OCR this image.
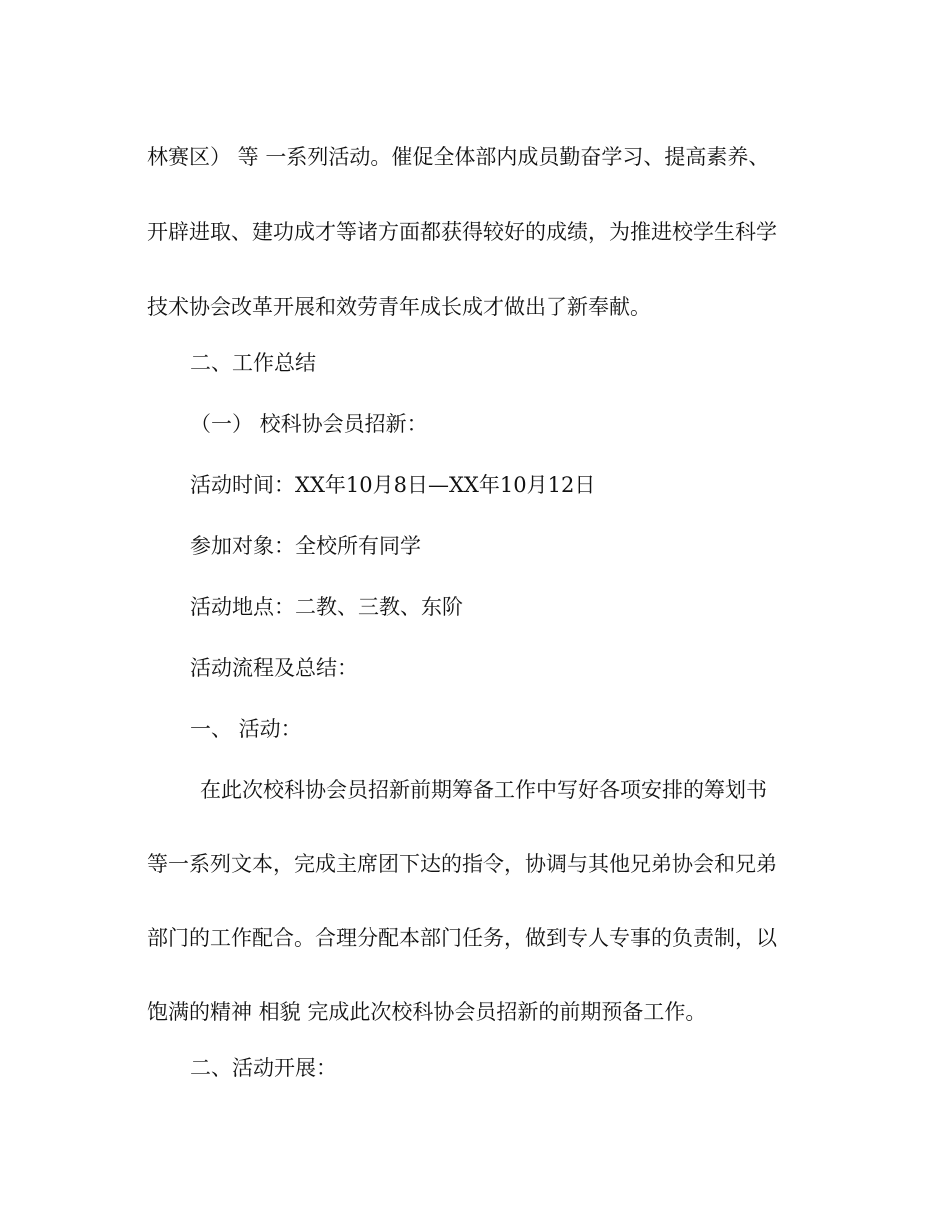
林赛区） 等 一系列活动。催促全体部内成员勤奋学习、提高素养、

开辟进取、建功成才等诸方面都获得较好的成绩，为推进校学生科学

技术协会改革开展和效劳青年成长成才做出了新奉献。

二、工作总结

（一） 校科协会员招新：

活动时间：XX年10月8日—XX年10月12日

参加对象：全校所有同学

活动地点：二教、三教、东阶

活动流程及总结：

一、 活动：

在此次校科协会员招新前期筹备工作中写好各项安排的筹划书

等一系列文本，完成主席团下达的指令，协调与其他兄弟协会和兄弟

部门的工作配合。合理分配本部门任务，做到专人专事的负责制，以

饱满的精神 相貌 完成此次校科协会员招新的前期预备工作。

二、活动开展：
